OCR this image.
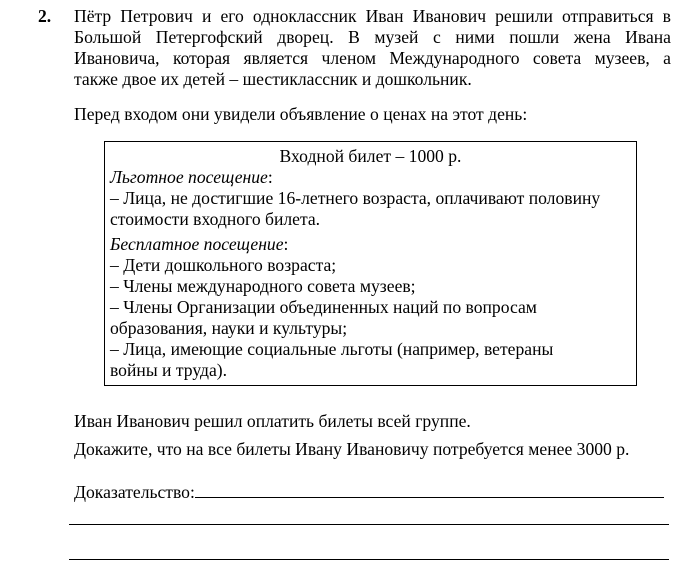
2. Пётр Петрович и его одноклассник Иван Иванович решили отправиться в
Большой Петергофский дворец. В музей с ними пошли жена Ивана
Ивановича, которая является членом Международного совета музеев, а
также двое их детей – шестиклассник и дошкольник.
Перед входом они увидели объявление о ценах на этот день:
Входной билет – 1000 р.
Льготное посещение:
– Лица, не достигшие 16-летнего возраста, оплачивают половину
стоимости входного билета.
Бесплатное посещение:
– Дети дошкольного возраста;
– Члены международного совета музеев;
– Члены Организации объединенных наций по вопросам
образования, науки и культуры;
– Лица, имеющие социальные льготы (например, ветераны
войны и труда).
Иван Иванович решил оплатить билеты всей группе.
Докажите, что на все билеты Ивану Ивановичу потребуется менее 3000 р.
Доказательство:
